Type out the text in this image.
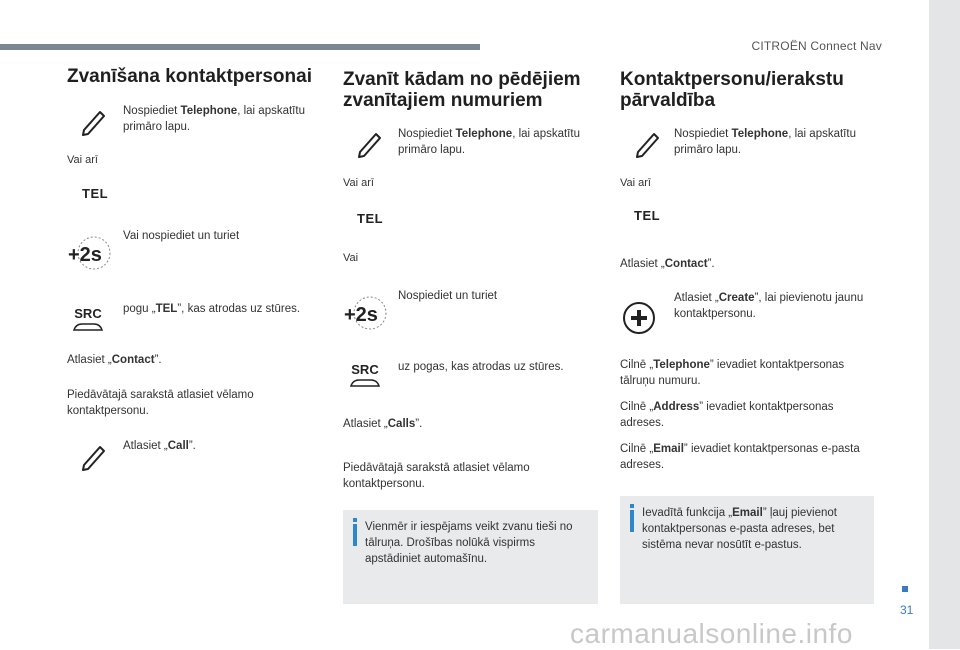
CITROËN Connect Nav
31
carmanualsonline.info
Zvanīšana kontaktpersonai
Nospiediet Telephone, lai apskatītu primāro lapu.
Vai arī
TEL
Vai nospiediet un turiet
SRC	pogu „TEL”, kas atrodas uz stūres.
Atlasiet „Contact”.
Piedāvātajā sarakstā atlasiet vēlamo kontaktpersonu.
Atlasiet „Call”.
Zvanīt kādam no pēdējiem zvanītajiem numuriem
Nospiediet Telephone, lai apskatītu primāro lapu.
Vai arī
TEL
Vai
Nospiediet un turiet
SRC	uz pogas, kas atrodas uz stūres.
Atlasiet „Calls”.
Piedāvātajā sarakstā atlasiet vēlamo kontaktpersonu.
Vienmēr ir iespējams veikt zvanu tieši no tālruņa. Drošības nolūkā vispirms apstādiniet automašīnu.
Kontaktpersonu/ierakstu pārvaldība
Nospiediet Telephone, lai apskatītu primāro lapu.
Vai arī
TEL
Atlasiet „Contact”.
Atlasiet „Create”, lai pievienotu jaunu kontaktpersonu.
Cilnē „Telephone” ievadiet kontaktpersonas tālruņu numuru.
Cilnē „Address” ievadiet kontaktpersonas adreses.
Cilnē „Email” ievadiet kontaktpersonas e-pasta adreses.
Ievadītā funkcija „Email” ļauj pievienot kontaktpersonas e-pasta adreses, bet sistēma nevar nosūtīt e-pastus.
